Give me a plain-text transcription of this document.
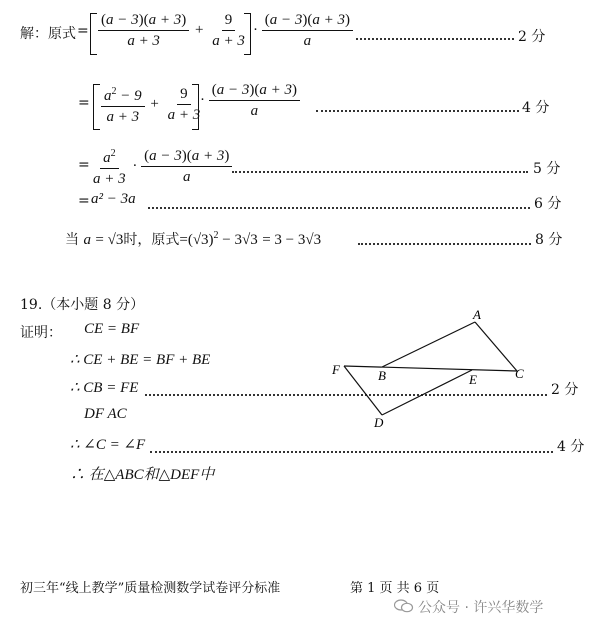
解：原式 = $\frac{(a - 3)(a + 3)}{a + 3} + \frac{9}{a + 3} \cdot \frac{(a - 3)(a + 3)}{a}$	2 分
= $\frac{a^2 - 9}{a + 3} + \frac{9}{a + 3}$
· $\frac{(a - 3)(a + 3)}{a}$	4 分
= $\frac{a^2}{a + 3} \cdot \frac{(a - 3)(a + 3)}{a}$	5 分
= a² − 3a	6 分
当 a = √3时，原式$=(√3)^2 - 3√3 = 3 - 3√3$	8 分
19.（本小题 8 分）
证明： CE = BF
∴ CE + BE = BF + BE
∴ CB = FE	2 分
DF AC
∴ ∠C = ∠F	4 分
∴ 在△ABC和△DEF中
A
B	C
D
E
F
初三年“线上教学”质量检测数学试卷评分标准	第 1 页 共 6 页
公众号 · 许兴华数学
